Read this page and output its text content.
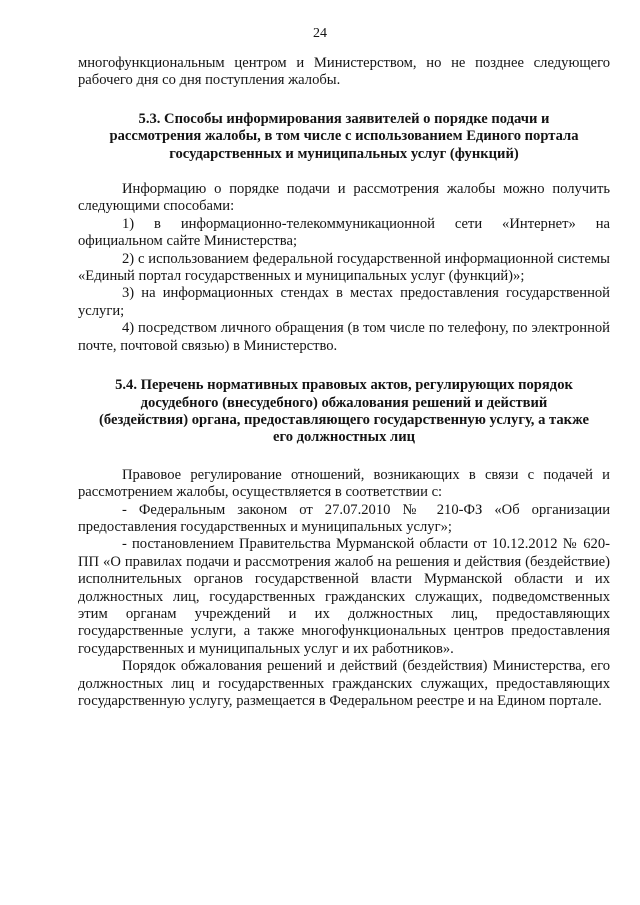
24

многофункциональным центром и Министерством, но не позднее следующего рабочего дня со дня поступления жалобы.

5.3. Способы информирования заявителей о порядке подачи и
рассмотрения жалобы, в том числе с использованием Единого портала
государственных и муниципальных услуг (функций)

Информацию о порядке подачи и рассмотрения жалобы можно получить следующими способами:

1) в информационно-телекоммуникационной сети «Интернет» на официальном сайте Министерства;

2) с использованием федеральной государственной информационной системы «Единый портал государственных и муниципальных услуг (функций)»;

3) на информационных стендах в местах предоставления государственной услуги;

4) посредством личного обращения (в том числе по телефону, по электронной почте, почтовой связью) в Министерство.

5.4. Перечень нормативных правовых актов, регулирующих порядок
досудебного (внесудебного) обжалования решений и действий
(бездействия) органа, предоставляющего государственную услугу, а также
его должностных лиц

Правовое регулирование отношений, возникающих в связи с подачей и рассмотрением жалобы, осуществляется в соответствии с:

- Федеральным законом от 27.07.2010 № 210-ФЗ «Об организации предоставления государственных и муниципальных услуг»;

- постановлением Правительства Мурманской области от 10.12.2012 № 620-ПП «О правилах подачи и рассмотрения жалоб на решения и действия (бездействие) исполнительных органов государственной власти Мурманской области и их должностных лиц, государственных гражданских служащих, подведомственных этим органам учреждений и их должностных лиц, предоставляющих государственные услуги, а также многофункциональных центров предоставления государственных и муниципальных услуг и их работников».

Порядок обжалования решений и действий (бездействия) Министерства, его должностных лиц и государственных гражданских служащих, предоставляющих государственную услугу, размещается в Федеральном реестре и на Едином портале.
